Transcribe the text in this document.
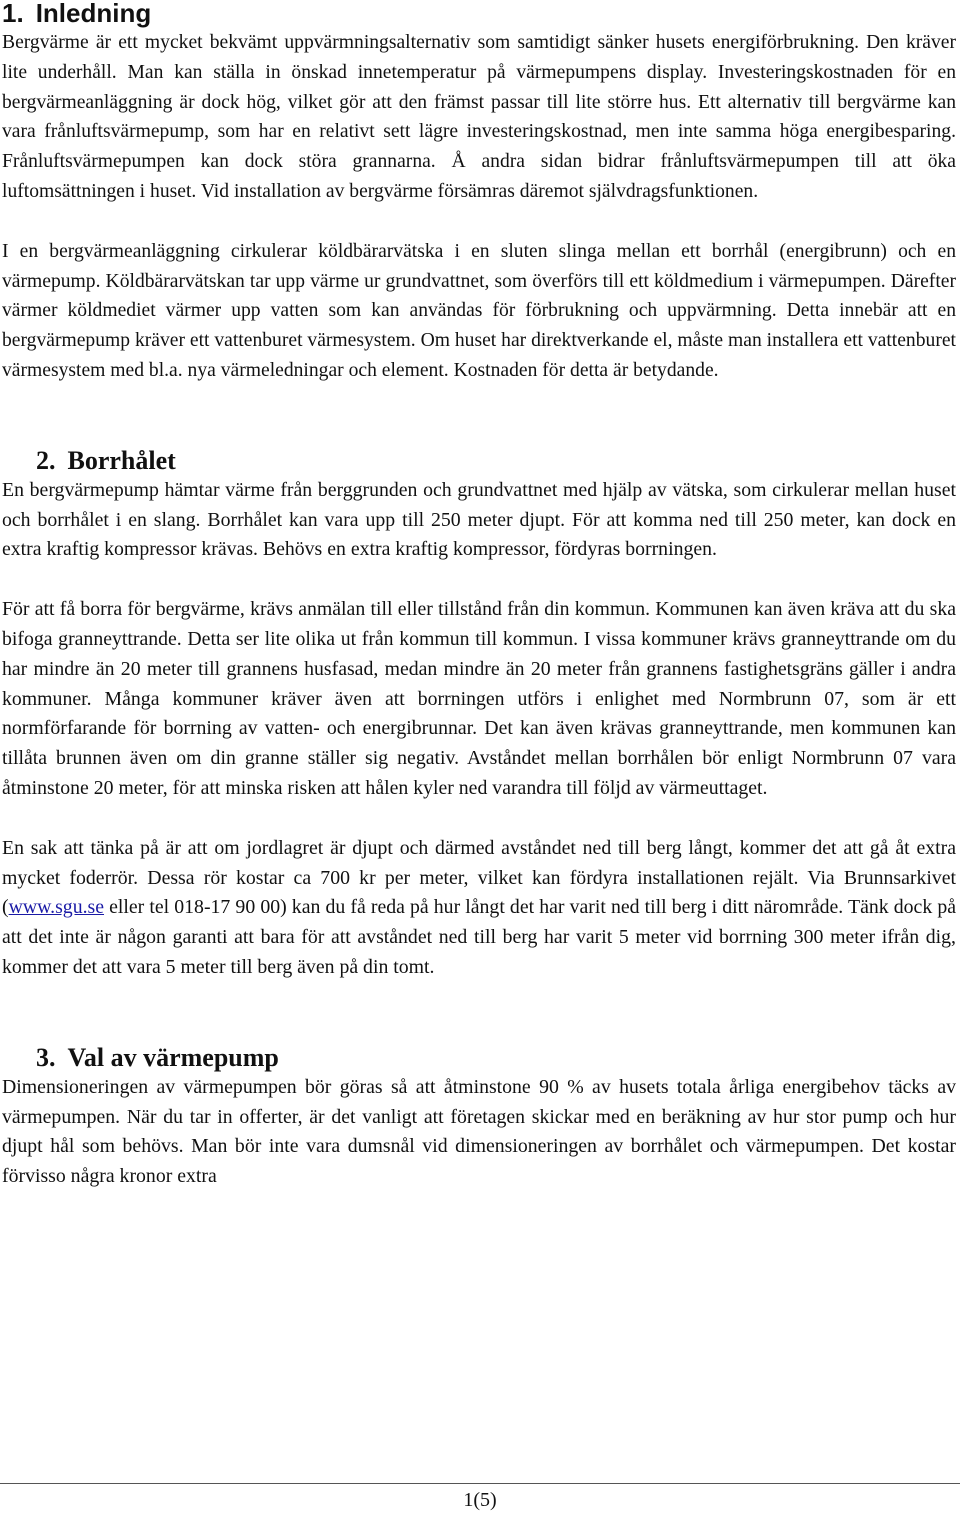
1. Inledning

Bergvärme är ett mycket bekvämt uppvärmningsalternativ som samtidigt sänker husets energiförbrukning. Den kräver lite underhåll. Man kan ställa in önskad innetemperatur på värmepumpens display. Investeringskostnaden för en bergvärmeanläggning är dock hög, vilket gör att den främst passar till lite större hus. Ett alternativ till bergvärme kan vara frånluftsvärmepump, som har en relativt sett lägre investeringskostnad, men inte samma höga energibesparing. Frånluftsvärmepumpen kan dock störa grannarna. Å andra sidan bidrar frånluftsvärmepumpen till att öka luftomsättningen i huset. Vid installation av bergvärme försämras däremot självdragsfunktionen.

I en bergvärmeanläggning cirkulerar köldbärarvätska i en sluten slinga mellan ett borrhål (energibrunn) och en värmepump. Köldbärarvätskan tar upp värme ur grundvattnet, som överförs till ett köldmedium i värmepumpen. Därefter värmer köldmediet värmer upp vatten som kan användas för förbrukning och uppvärmning. Detta innebär att en bergvärmepump kräver ett vattenburet värmesystem. Om huset har direktverkande el, måste man installera ett vattenburet värmesystem med bl.a. nya värmeledningar och element. Kostnaden för detta är betydande.

2. Borrhålet

En bergvärmepump hämtar värme från berggrunden och grundvattnet med hjälp av vätska, som cirkulerar mellan huset och borrhålet i en slang. Borrhålet kan vara upp till 250 meter djupt. För att komma ned till 250 meter, kan dock en extra kraftig kompressor krävas. Behövs en extra kraftig kompressor, fördyras borrningen.

För att få borra för bergvärme, krävs anmälan till eller tillstånd från din kommun. Kommunen kan även kräva att du ska bifoga granneyttrande. Detta ser lite olika ut från kommun till kommun. I vissa kommuner krävs granneyttrande om du har mindre än 20 meter till grannens husfasad, medan mindre än 20 meter från grannens fastighetsgräns gäller i andra kommuner. Många kommuner kräver även att borrningen utförs i enlighet med Normbrunn 07, som är ett normförfarande för borrning av vatten- och energibrunnar. Det kan även krävas granneyttrande, men kommunen kan tillåta brunnen även om din granne ställer sig negativ. Avståndet mellan borrhålen bör enligt Normbrunn 07 vara åtminstone 20 meter, för att minska risken att hålen kyler ned varandra till följd av värmeuttaget.

En sak att tänka på är att om jordlagret är djupt och därmed avståndet ned till berg långt, kommer det att gå åt extra mycket foderrör. Dessa rör kostar ca 700 kr per meter, vilket kan fördyra installationen rejält. Via Brunnsarkivet (www.sgu.se eller tel 018-17 90 00) kan du få reda på hur långt det har varit ned till berg i ditt närområde. Tänk dock på att det inte är någon garanti att bara för att avståndet ned till berg har varit 5 meter vid borrning 300 meter ifrån dig, kommer det att vara 5 meter till berg även på din tomt.

3. Val av värmepump

Dimensioneringen av värmepumpen bör göras så att åtminstone 90 % av husets totala årliga energibehov täcks av värmepumpen. När du tar in offerter, är det vanligt att företagen skickar med en beräkning av hur stor pump och hur djupt hål som behövs. Man bör inte vara dumsnål vid dimensioneringen av borrhålet och värmepumpen. Det kostar förvisso några kronor extra

1(5)
